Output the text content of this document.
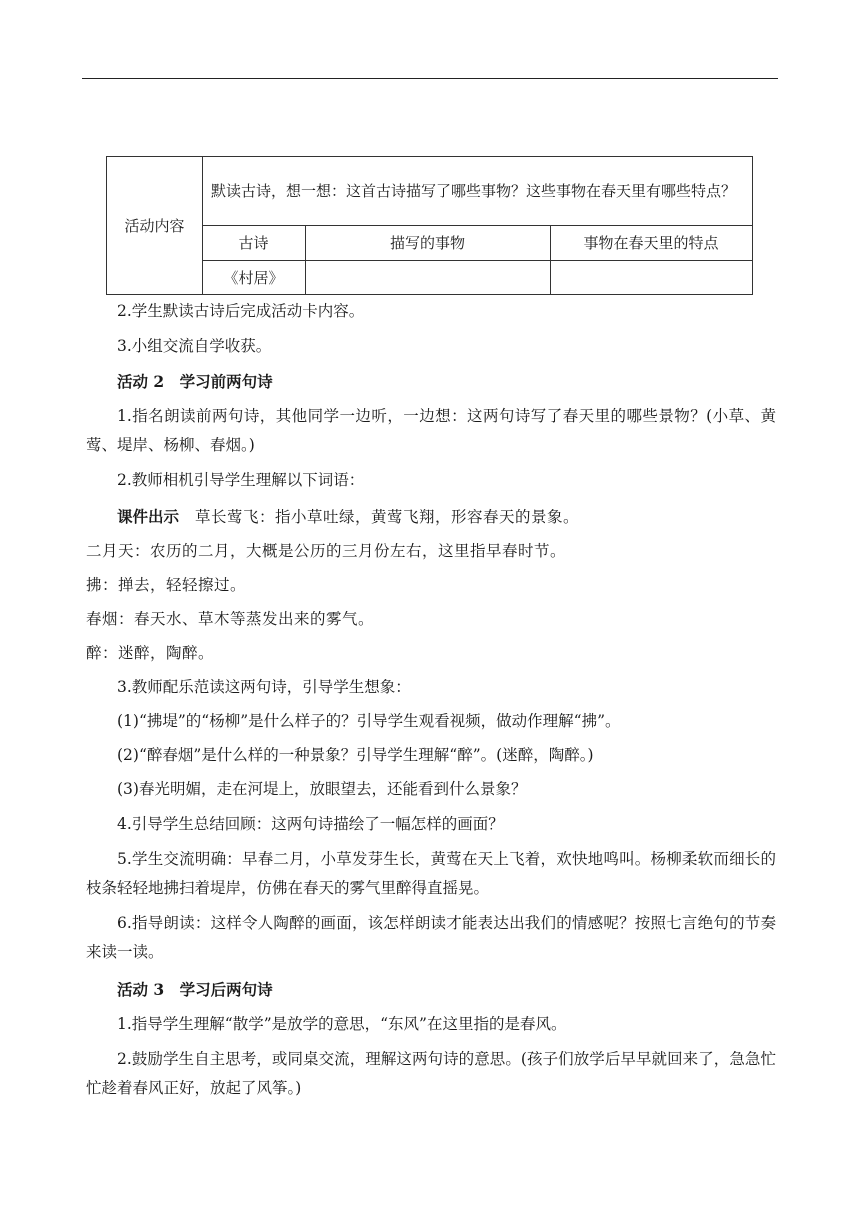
活动内容
默读古诗，想一想：这首古诗描写了哪些事物？这些事物在春天里有哪些特点？
古诗	描写的事物	事物在春天里的特点
《村居》
2.学生默读古诗后完成活动卡内容。
3.小组交流自学收获。
活动 2　学习前两句诗
1.指名朗读前两句诗，其他同学一边听，一边想：这两句诗写了春天里的哪些景物？(小草、黄莺、堤岸、杨柳、春烟。)
2.教师相机引导学生理解以下词语：
课件出示　草长莺飞：指小草吐绿，黄莺飞翔，形容春天的景象。
二月天：农历的二月，大概是公历的三月份左右，这里指早春时节。
拂：掸去，轻轻擦过。
春烟：春天水、草木等蒸发出来的雾气。
醉：迷醉，陶醉。
3.教师配乐范读这两句诗，引导学生想象：
(1)“拂堤”的“杨柳”是什么样子的？引导学生观看视频，做动作理解“拂”。
(2)“醉春烟”是什么样的一种景象？引导学生理解“醉”。(迷醉，陶醉。)
(3)春光明媚，走在河堤上，放眼望去，还能看到什么景象？
4.引导学生总结回顾：这两句诗描绘了一幅怎样的画面？
5.学生交流明确：早春二月，小草发芽生长，黄莺在天上飞着，欢快地鸣叫。杨柳柔软而细长的枝条轻轻地拂扫着堤岸，仿佛在春天的雾气里醉得直摇晃。
6.指导朗读：这样令人陶醉的画面，该怎样朗读才能表达出我们的情感呢？按照七言绝句的节奏来读一读。
活动 3　学习后两句诗
1.指导学生理解“散学”是放学的意思，“东风”在这里指的是春风。
2.鼓励学生自主思考，或同桌交流，理解这两句诗的意思。(孩子们放学后早早就回来了，急急忙忙趁着春风正好，放起了风筝。)
